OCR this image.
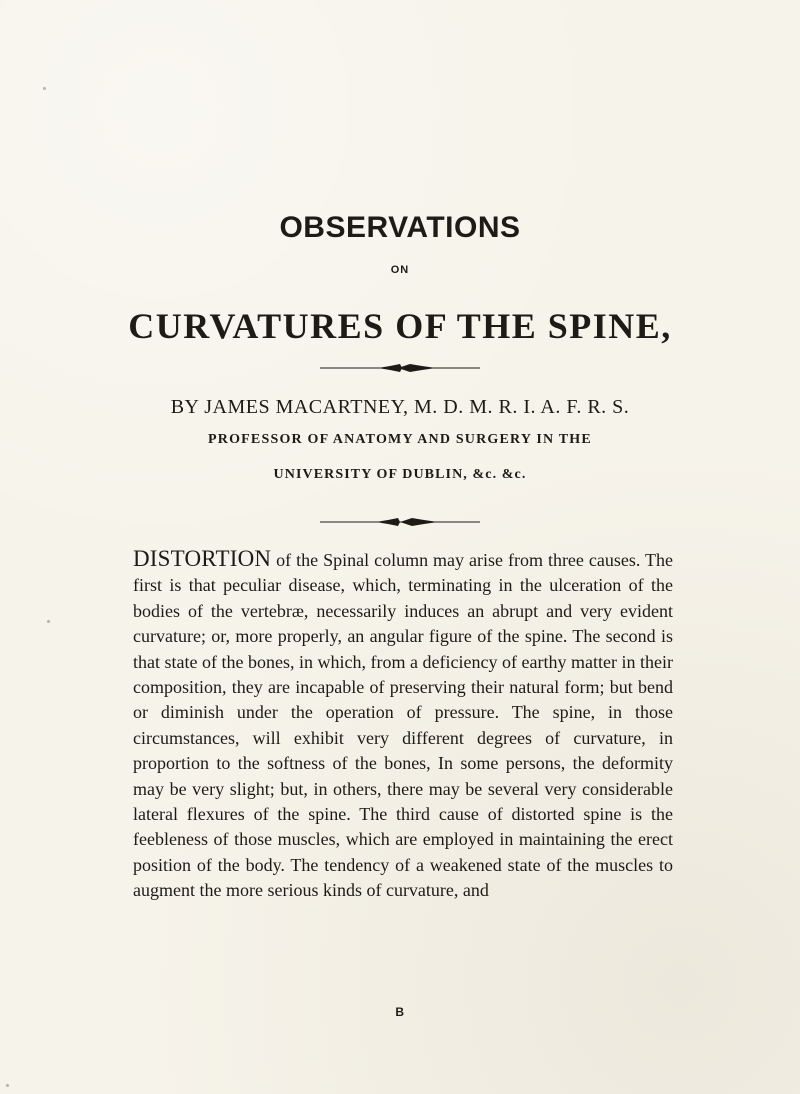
OBSERVATIONS
ON
CURVATURES OF THE SPINE,
BY JAMES MACARTNEY, M. D. M. R. I. A. F. R. S.
PROFESSOR OF ANATOMY AND SURGERY IN THE
UNIVERSITY OF DUBLIN, &c. &c.

DISTORTION of the Spinal column may arise from three causes. The first is that peculiar disease, which, terminating in the ulceration of the bodies of the vertebræ, necessarily induces an abrupt and very evident curvature; or, more properly, an angular figure of the spine. The second is that state of the bones, in which, from a deficiency of earthy matter in their composition, they are incapable of preserving their natural form; but bend or diminish under the operation of pressure. The spine, in those circumstances, will exhibit very different degrees of curvature, in proportion to the softness of the bones, In some persons, the deformity may be very slight; but, in others, there may be several very considerable lateral flexures of the spine. The third cause of distorted spine is the feebleness of those muscles, which are employed in maintaining the erect position of the body. The tendency of a weakened state of the muscles to augment the more serious kinds of curvature, and

B
